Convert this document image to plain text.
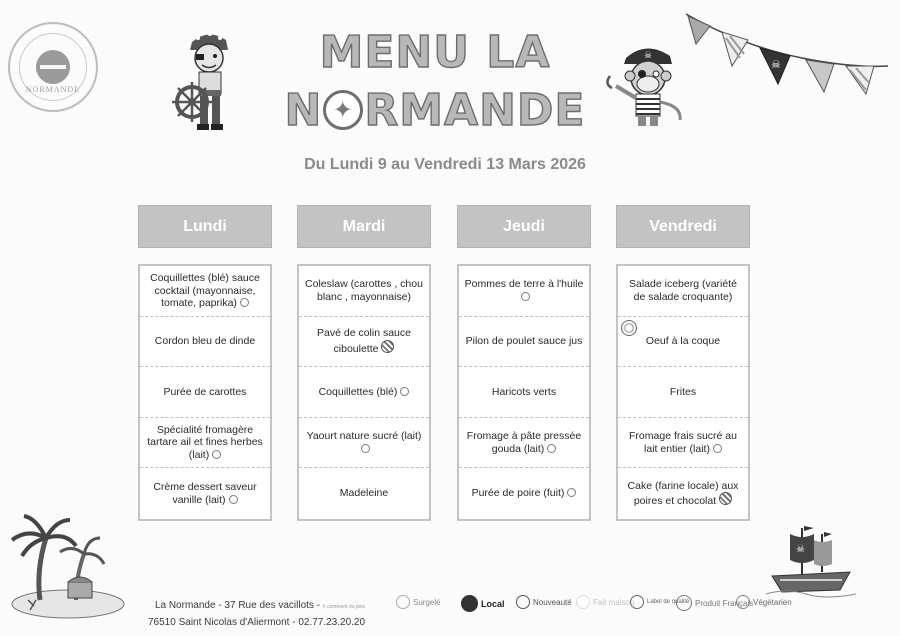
LA NORMANDE
☠
☠
MENU LA
N✦ RMANDE
Du Lundi 9 au Vendredi 13 Mars 2026
Lundi
Coquillettes (blé) sauce cocktail (mayonnaise, tomate, paprika)
Cordon bleu de dinde
Purée de carottes
Spécialité fromagère tartare ail et fines herbes (lait)
Crème dessert saveur vanille (lait)
Mardi
Coleslaw (carottes , chou blanc , mayonnaise)
Pavé de colin sauce ciboulette
Coquillettes (blé)
Yaourt nature sucré (lait)
Madeleine
Jeudi
Pommes de terre à l'huile
Pilon de poulet sauce jus
Haricots verts
Fromage à pâte pressée gouda (lait)
Purée de poire (fuit)
Vendredi
Salade iceberg (variété de salade croquante)
Oeuf à la coque
Frites
Fromage frais sucré au lait entier (lait)
Cake (farine locale) aux poires et chocolat
☠
La Normande - 37 Rue des vacillots - # comment du pois
76510 Saint Nicolas d'Aliermont - 02.77.23.20.20
Surgelé	Local	Nouveauté	Fait maison Label de qualité Produit Français Végétarien
